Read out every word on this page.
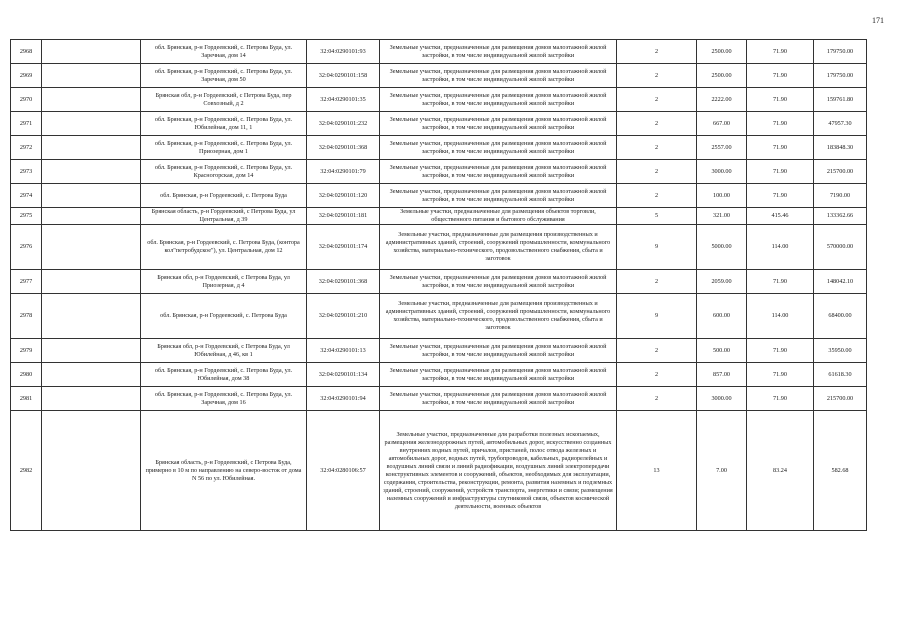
171
2968		обл. Брянская, р-н Гордеевский, с. Петрова Буда, ул. Заречная, дом 14	32:04:0290101:93	Земельные участки, предназначенные для размещения домов малоэтажной жилой застройки, в том числе индивидуальной жилой застройки	2	2500.00	71.90	179750.00
2969		обл. Брянская, р-н Гордеевский, с. Петрова Буда, ул. Заречная, дом 50	32:04:0290101:158	Земельные участки, предназначенные для размещения домов малоэтажной жилой застройки, в том числе индивидуальной жилой застройки	2	2500.00	71.90	179750.00
2970		Брянская обл, р-н Гордеевский, с Петрова Буда, пер Совхозный, д 2	32:04:0290101:35	Земельные участки, предназначенные для размещения домов малоэтажной жилой застройки, в том числе индивидуальной жилой застройки	2	2222.00	71.90	159761.80
2971		обл. Брянская, р-н Гордеевский, с. Петрова Буда, ул. Юбилейная, дом 11, 1	32:04:0290101:232	Земельные участки, предназначенные для размещения домов малоэтажной жилой застройки, в том числе индивидуальной жилой застройки	2	667.00	71.90	47957.30
2972		обл. Брянская, р-н Гордеевский, с. Петрова Буда, ул. Приозерная, дом 1	32:04:0290101:368	Земельные участки, предназначенные для размещения домов малоэтажной жилой застройки, в том числе индивидуальной жилой застройки	2	2557.00	71.90	183848.30
2973		обл. Брянская, р-н Гордеевский, с. Петрова Буда, ул. Красногорская, дом 14	32:04:0290101:79	Земельные участки, предназначенные для размещения домов малоэтажной жилой застройки, в том числе индивидуальной жилой застройки	2	3000.00	71.90	215700.00
2974		обл. Брянская, р-н Гордеевский, с. Петрова Буда	32:04:0290101:120	Земельные участки, предназначенные для размещения домов малоэтажной жилой застройки, в том числе индивидуальной жилой застройки	2	100.00	71.90	7190.00
2975		Брянская область, р-н Гордеевский, с Петрова Буда, ул Центральная, д 39	32:04:0290101:181	Земельные участки, предназначенные для размещения объектов торговли, общественного питания и бытового обслуживания	5	321.00	415.46	133362.66
2976		обл. Брянская, р-н Гордеевский, с. Петрова Буда, (контора кол"петробудское"), ул. Центральная, дом 12	32:04:0290101:174	Земельные участки, предназначенные для размещения производственных и административных зданий, строений, сооружений промышленности, коммунального хозяйства, материально-технического, продовольственного снабжения, сбыта и заготовок	9	5000.00	114.00	570000.00
2977		Брянская обл, р-н Гордеевский, с Петрова Буда, ул Приозерная, д 4	32:04:0290101:368	Земельные участки, предназначенные для размещения домов малоэтажной жилой застройки, в том числе индивидуальной жилой застройки	2	2059.00	71.90	148042.10
2978		обл. Брянская, р-н Гордеевский, с. Петрова Буда	32:04:0290101:210	Земельные участки, предназначенные для размещения производственных и административных зданий, строений, сооружений промышленности, коммунального хозяйства, материально-технического, продовольственного снабжения, сбыта и заготовок	9	600.00	114.00	68400.00
2979		Брянская обл, р-н Гордеевский, с Петрова Буда, ул Юбилейная, д 46, кв 1	32:04:0290101:13	Земельные участки, предназначенные для размещения домов малоэтажной жилой застройки, в том числе индивидуальной жилой застройки	2	500.00	71.90	35950.00
2980		обл. Брянская, р-н Гордеевский, с. Петрова Буда, ул. Юбилейная, дом 38	32:04:0290101:134	Земельные участки, предназначенные для размещения домов малоэтажной жилой застройки, в том числе индивидуальной жилой застройки	2	857.00	71.90	61618.30
2981		обл. Брянская, р-н Гордеевский, с. Петрова Буда, ул. Заречная, дом 16	32:04:0290101:94	Земельные участки, предназначенные для размещения домов малоэтажной жилой застройки, в том числе индивидуальной жилой застройки	2	3000.00	71.90	215700.00
2982		Брянская область, р-н Гордеевский, с Петрова Буда, примерно в 10 м по направлению на северо-восток от дома N 56 по ул. Юбилейная.	32:04:0280106:57	Земельные участки, предназначенные для разработки полезных ископаемых, размещения железнодорожных путей, автомобильных дорог, искусственно созданных внутренних водных путей, причалов, пристаней, полос отвода железных и автомобильных дорог, водных путей, трубопроводов, кабельных, радиорелейных и воздушных линий связи и линий радиофикации, воздушных линий электропередачи конструктивных элементов и сооружений, объектов, необходимых для эксплуатации, содержания, строительства, реконструкции, ремонта, развития наземных и подземных зданий, строений, сооружений, устройств транспорта, энергетики и связи; размещения наземных сооружений и инфраструктуры спутниковой связи, объектов космической деятельности, военных объектов	13	7.00	83.24	582.68
